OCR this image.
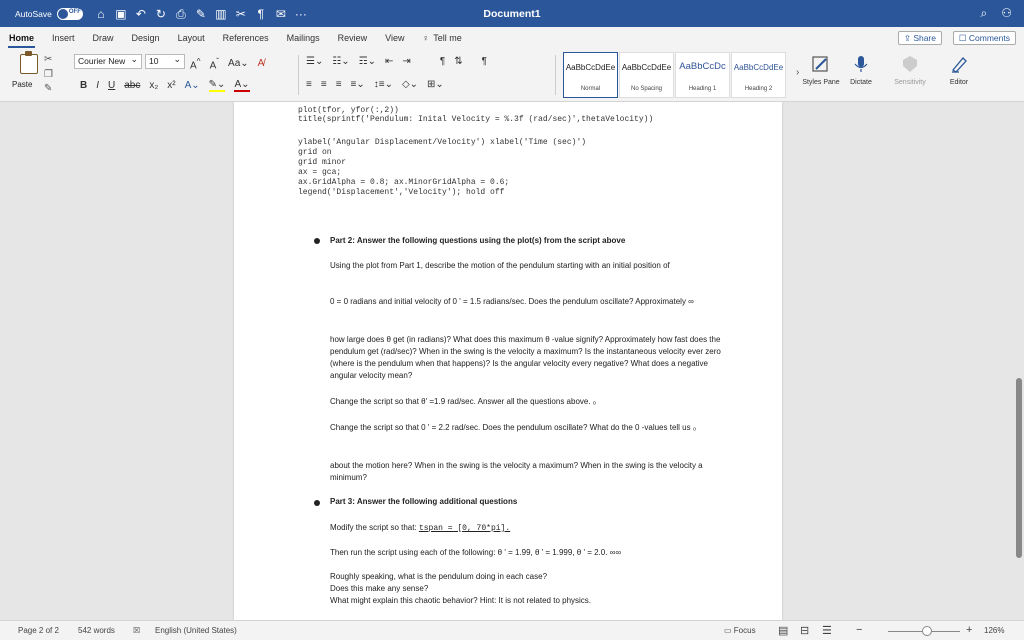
AutoSave	OFF ⌂ ▣ ↶ ↻ ⎙ ✎ ▥ ✂ ¶ ✉ ···	Document1	⌕ ⚇
Home	Insert	Draw	Design	Layout	References	Mailings	Review	View	♀ Tell me	⇪ Share	☐ Comments
Paste
✂
❐
✎
Courier New ⌄	10 ⌄	A^ $A^ˇ$ Aa⌄ A̸
B I U abc x₂ x² A⌄ ✎⌄ A⌄
☰⌄ ☷⌄ ☶⌄ ⇤ ⇥	¶ ⇅ ¶
≡ ≡ ≡ ≡⌄ ↕≡⌄ ◇⌄ ⊞⌄
AaBbCcDdEe
Normal
AaBbCcDdEe
No Spacing
AaBbCcDc
Heading 1
AaBbCcDdEe
Heading 2
›
Styles Pane	Dictate	Sensitivity	Editor
plot(tfor, yfor(:,2))
title(sprintf('Pendulum: Inital Velocity = %.3f (rad/sec)',thetaVelocity))
ylabel('Angular Displacement/Velocity') xlabel('Time (sec)')
grid on
grid minor
ax = gca;
ax.GridAlpha = 0.8; ax.MinorGridAlpha = 0.6;
legend('Displacement','Velocity'); hold off
Part 2: Answer the following questions using the plot(s) from the script above
Using the plot from Part 1, describe the motion of the pendulum starting with an initial position of
0 = 0 radians and initial velocity of 0 ' = 1.5 radians/sec. Does the pendulum oscillate? Approximately ∞
how large does θ get (in radians)? What does this maximum θ -value signify? Approximately how fast does the pendulum get (rad/sec)? When in the swing is the velocity a maximum? Is the instantaneous velocity ever zero (where is the pendulum when that happens)? Is the angular velocity every negative? What does a negative angular velocity mean?
Change the script so that θ' =1.9 rad/sec. Answer all the questions above. ₀
Change the script so that 0 ' = 2.2 rad/sec. Does the pendulum oscillate? What do the 0 -values tell us ₀
about the motion here? When in the swing is the velocity a maximum? When in the swing is the velocity a minimum?
Part 3: Answer the following additional questions
Modify the script so that: tspan = [0, 70*pi].
Then run the script using each of the following: θ ' = 1.99, θ ' = 1.999, θ ' = 2.0. ∞∞
Roughly speaking, what is the pendulum doing in each case?
Does this make any sense?
What might explain this chaotic behavior? Hint: It is not related to physics.
Page 2 of 2 542 words ☒ English (United States)	▭ Focus ▤ ⊟ ☰ −	+ 126%
